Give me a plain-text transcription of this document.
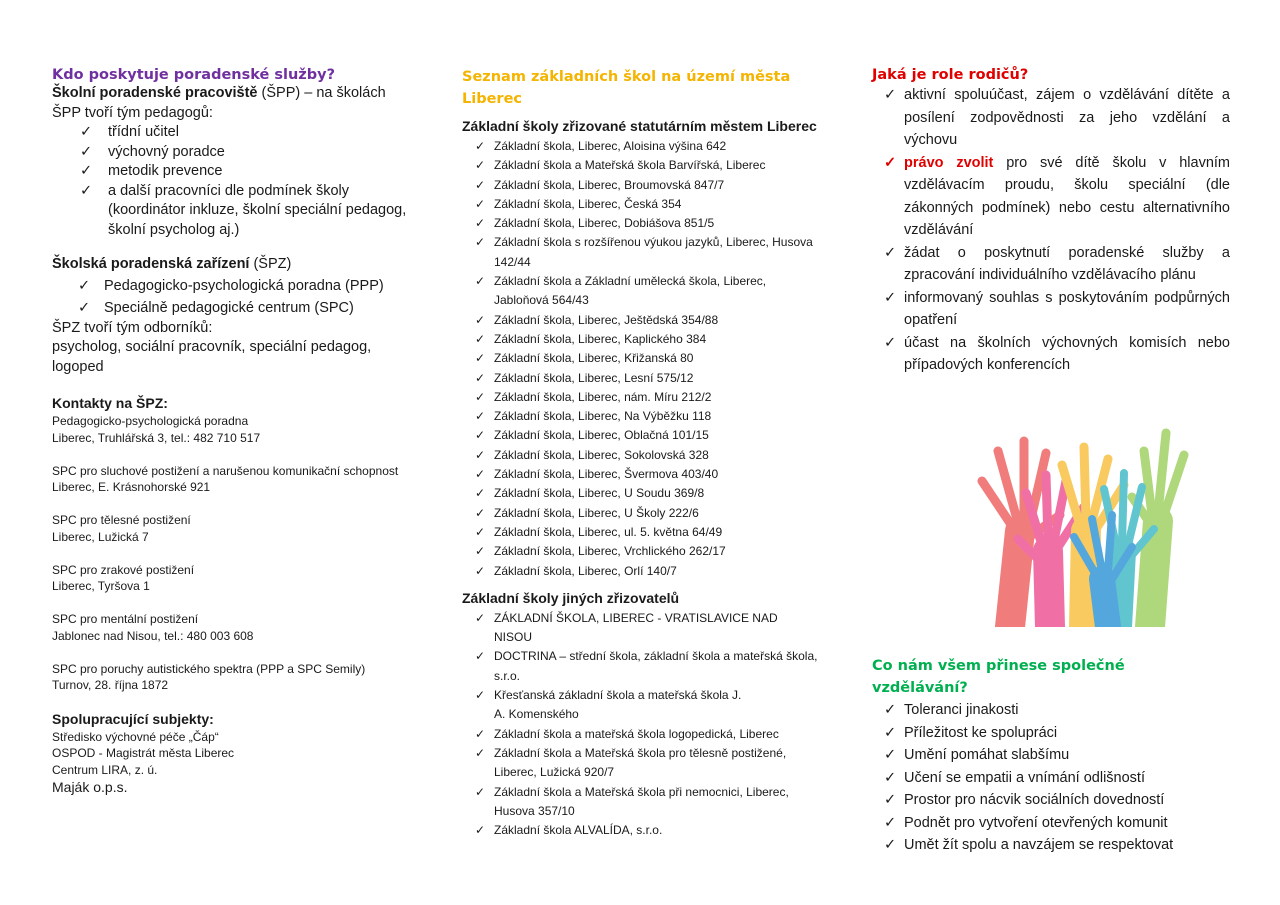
Kdo poskytuje poradenské služby?
Školní poradenské pracoviště (ŠPP) – na školách
ŠPP tvoří tým pedagogů:
✓ třídní učitel
✓ výchovný poradce
✓ metodik prevence
✓ a další pracovníci dle podmínek školy (koordinátor inkluze, školní speciální pedagog, školní psycholog aj.)
Školská poradenská zařízení (ŠPZ)
✓ Pedagogicko-psychologická poradna (PPP)
✓ Speciálně pedagogické centrum (SPC)
ŠPZ tvoří tým odborníků:
psycholog, sociální pracovník, speciální pedagog, logoped
Kontakty na ŠPZ:
Pedagogicko-psychologická poradna
Liberec, Truhlářská 3, tel.: 482 710 517
SPC pro sluchové postižení a narušenou komunikační schopnost
Liberec, E. Krásnohorské 921
SPC pro tělesné postižení
Liberec, Lužická 7
SPC pro zrakové postižení
Liberec, Tyršova 1
SPC pro mentální postižení
Jablonec nad Nisou, tel.: 480 003 608
SPC pro poruchy autistického spektra (PPP a SPC Semily)
Turnov, 28. října 1872
Spolupracující subjekty:
Středisko výchovné péče „Čáp“
OSPOD - Magistrát města Liberec
Centrum LIRA, z. ú.
Maják o.p.s.
Seznam základních škol na území města Liberec
Základní školy zřizované statutárním městem Liberec
✓ Základní škola, Liberec, Aloisina výšina 642
✓ Základní škola a Mateřská škola Barvířská, Liberec
✓ Základní škola, Liberec, Broumovská 847/7
✓ Základní škola, Liberec, Česká 354
✓ Základní škola, Liberec, Dobiášova 851/5
✓ Základní škola s rozšířenou výukou jazyků, Liberec, Husova 142/44
✓ Základní škola a Základní umělecká škola, Liberec, Jabloňová 564/43
✓ Základní škola, Liberec, Ještědská 354/88
✓ Základní škola, Liberec, Kaplického 384
✓ Základní škola, Liberec, Křižanská 80
✓ Základní škola, Liberec, Lesní 575/12
✓ Základní škola, Liberec, nám. Míru 212/2
✓ Základní škola, Liberec, Na Výběžku 118
✓ Základní škola, Liberec, Oblačná 101/15
✓ Základní škola, Liberec, Sokolovská 328
✓ Základní škola, Liberec, Švermova 403/40
✓ Základní škola, Liberec, U Soudu 369/8
✓ Základní škola, Liberec, U Školy 222/6
✓ Základní škola, Liberec, ul. 5. května 64/49
✓ Základní škola, Liberec, Vrchlického 262/17
✓ Základní škola, Liberec, Orlí 140/7
Základní školy jiných zřizovatelů
✓ ZÁKLADNÍ ŠKOLA, LIBEREC - VRATISLAVICE NAD NISOU
✓ DOCTRINA – střední škola, základní škola a mateřská škola, s.r.o.
✓ Křesťanská základní škola a mateřská škola J. A. Komenského
✓ Základní škola a mateřská škola logopedická, Liberec
✓ Základní škola a Mateřská škola pro tělesně postižené, Liberec, Lužická 920/7
✓ Základní škola a Mateřská škola při nemocnici, Liberec, Husova 357/10
✓ Základní škola ALVALÍDA, s.r.o.
Jaká je role rodičů?
✓ aktivní spoluúčast, zájem o vzdělávání dítěte a posílení zodpovědnosti za jeho vzdělání a výchovu
✓ právo zvolit pro své dítě školu v hlavním vzdělávacím proudu, školu speciální (dle zákonných podmínek) nebo cestu alternativního vzdělávání
✓ žádat o poskytnutí poradenské služby a zpracování individuálního vzdělávacího plánu
✓ informovaný souhlas s poskytováním podpůrných opatření
✓ účast na školních výchovných komisích nebo případových konferencích
Co nám všem přinese společné vzdělávání?
✓ Toleranci jinakosti
✓ Příležitost ke spolupráci
✓ Umění pomáhat slabšímu
✓ Učení se empatii a vnímání odlišností
✓ Prostor pro nácvik sociálních dovedností
✓ Podnět pro vytvoření otevřených komunit
✓ Umět žít spolu a navzájem se respektovat
